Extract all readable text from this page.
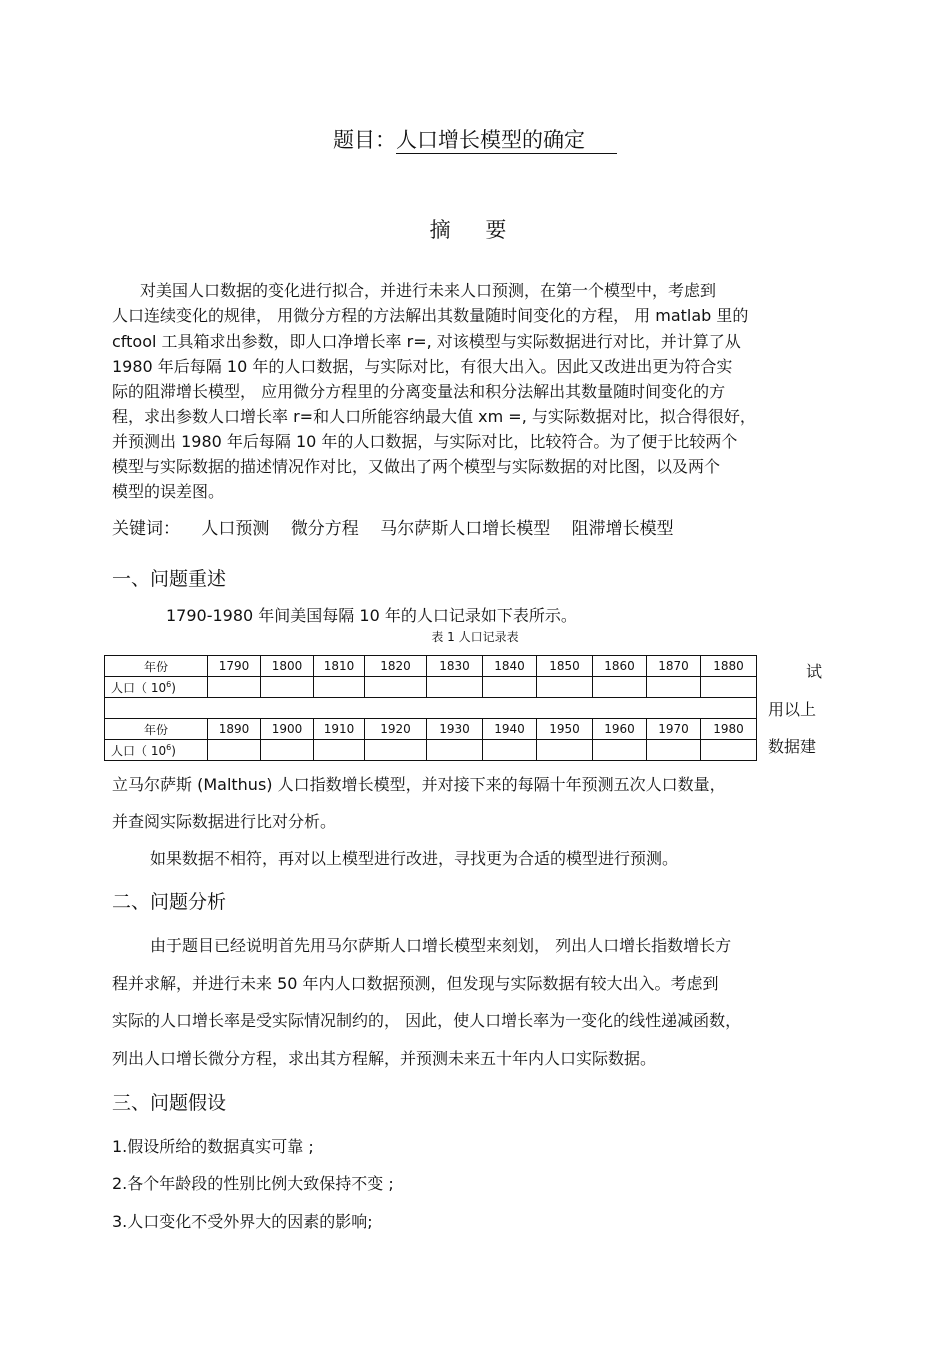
题目：人口增长模型的确定
摘 要
对美国人口数据的变化进行拟合，并进行未来人口预测，在第一个模型中，考虑到
人口连续变化的规律， 用微分方程的方法解出其数量随时间变化的方程， 用 matlab 里的
cftool 工具箱求出参数，即人口净增长率 r=, 对该模型与实际数据进行对比，并计算了从
1980 年后每隔 10 年的人口数据，与实际对比，有很大出入。因此又改进出更为符合实
际的阻滞增长模型， 应用微分方程里的分离变量法和积分法解出其数量随时间变化的方
程，求出参数人口增长率 r=和人口所能容纳最大值 xm =, 与实际数据对比，拟合得很好，
并预测出 1980 年后每隔 10 年的人口数据，与实际对比，比较符合。为了便于比较两个
模型与实际数据的描述情况作对比，又做出了两个模型与实际数据的对比图，以及两个
模型的误差图。
关键词： 人口预测 微分方程 马尔萨斯人口增长模型 阻滞增长模型
一、问题重述
1790-1980 年间美国每隔 10 年的人口记录如下表所示。
表 1 人口记录表
年份	1790	1800	1810	1820	1830	1840	1850	1860	1870	1880
人口（ $10^6$)										

年份	1890	1900	1910	1920	1930	1940	1950	1960	1970	1980
人口（ $10^6$)										
试
用以上
数据建
立马尔萨斯 (Malthus) 人口指数增长模型，并对接下来的每隔十年预测五次人口数量，
并查阅实际数据进行比对分析。
如果数据不相符，再对以上模型进行改进，寻找更为合适的模型进行预测。
二、问题分析
由于题目已经说明首先用马尔萨斯人口增长模型来刻划， 列出人口增长指数增长方
程并求解，并进行未来 50 年内人口数据预测，但发现与实际数据有较大出入。考虑到
实际的人口增长率是受实际情况制约的， 因此，使人口增长率为一变化的线性递减函数，
列出人口增长微分方程，求出其方程解，并预测未来五十年内人口实际数据。
三、问题假设
1.假设所给的数据真实可靠 ;
2.各个年龄段的性别比例大致保持不变 ;
3.人口变化不受外界大的因素的影响;
